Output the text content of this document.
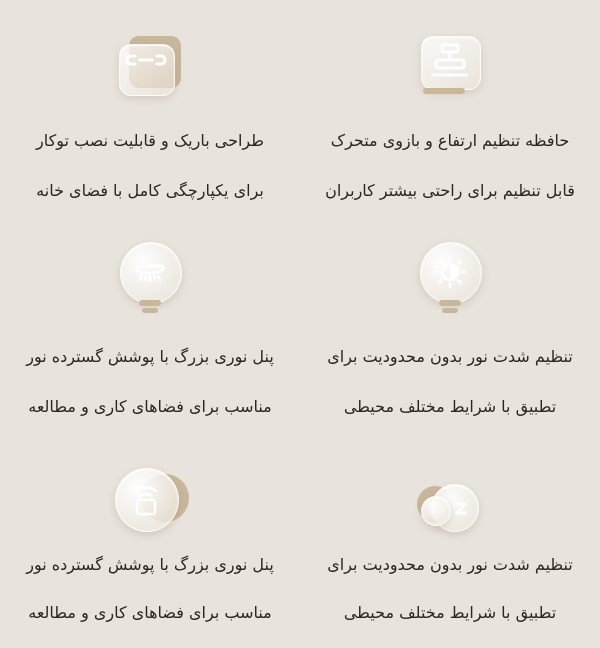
حافظه تنظیم ارتفاع و بازوی متحرک
قابل تنظیم برای راحتی بیشتر کاربران
طراحی باریک و قابلیت نصب توکار
برای یکپارچگی کامل با فضای خانه
تنظیم شدت نور بدون محدودیت برای
تطبیق با شرایط مختلف محیطی
پنل نوری بزرگ با پوشش گسترده نور
مناسب برای فضاهای کاری و مطالعه
تنظیم شدت نور بدون محدودیت برای
تطبیق با شرایط مختلف محیطی
پنل نوری بزرگ با پوشش گسترده نور
مناسب برای فضاهای کاری و مطالعه
